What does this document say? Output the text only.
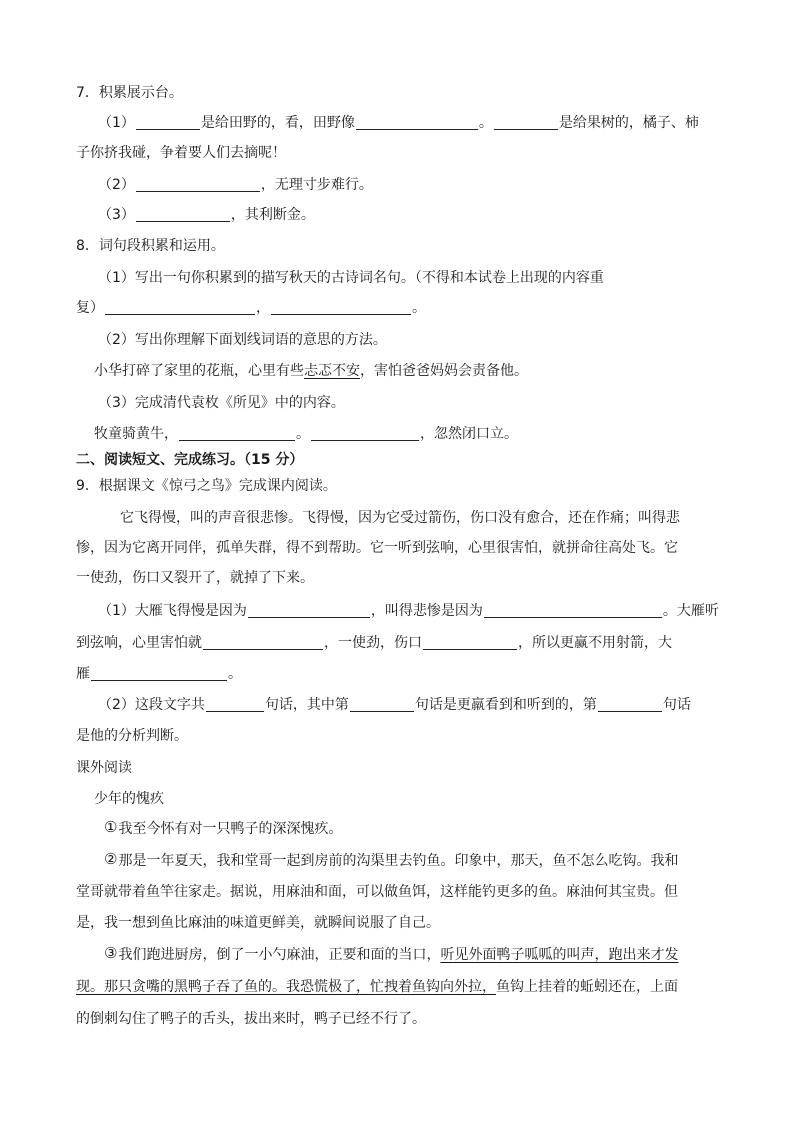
7．积累展示台。
（1）	是给田野的，看，田野像	。	是给果树的，橘子、柿
子你挤我碰，争着要人们去摘呢！
（2）	，无理寸步难行。
（3）	，其利断金。
8．词句段积累和运用。
（1）写出一句你积累到的描写秋天的古诗词名句。（不得和本试卷上出现的内容重
复）	，	。
（2）写出你理解下面划线词语的意思的方法。
小华打碎了家里的花瓶，心里有些忐忑不安，害怕爸爸妈妈会责备他。
（3）完成清代袁枚《所见》中的内容。
牧童骑黄牛，	。	，忽然闭口立。
二、阅读短文、完成练习。（15 分）
9．根据课文《惊弓之鸟》完成课内阅读。
它飞得慢，叫的声音很悲惨。飞得慢，因为它受过箭伤，伤口没有愈合，还在作痛；叫得悲
惨，因为它离开同伴，孤单失群，得不到帮助。它一听到弦响，心里很害怕，就拼命往高处飞。它
一使劲，伤口又裂开了，就掉了下来。
（1）大雁飞得慢是因为	，叫得悲惨是因为	。大雁听
到弦响，心里害怕就	，一使劲，伤口	，所以更赢不用射箭，大
雁	。
（2）这段文字共	句话，其中第	句话是更羸看到和听到的，第	句话
是他的分析判断。
课外阅读
少年的愧疚
①我至今怀有对一只鸭子的深深愧疚。
②那是一年夏天，我和堂哥一起到房前的沟渠里去钓鱼。印象中，那天，鱼不怎么吃钩。我和
堂哥就带着鱼竿往家走。据说，用麻油和面，可以做鱼饵，这样能钓更多的鱼。麻油何其宝贵。但
是，我一想到鱼比麻油的味道更鲜美，就瞬间说服了自己。
③我们跑进厨房，倒了一小勺麻油，正要和面的当口，听见外面鸭子呱呱的叫声，跑出来才发
现。那只贪嘴的黑鸭子吞了鱼的。我恐慌极了，忙拽着鱼钩向外拉，鱼钩上挂着的蚯蚓还在，上面
的倒刺勾住了鸭子的舌头，拔出来时，鸭子已经不行了。
